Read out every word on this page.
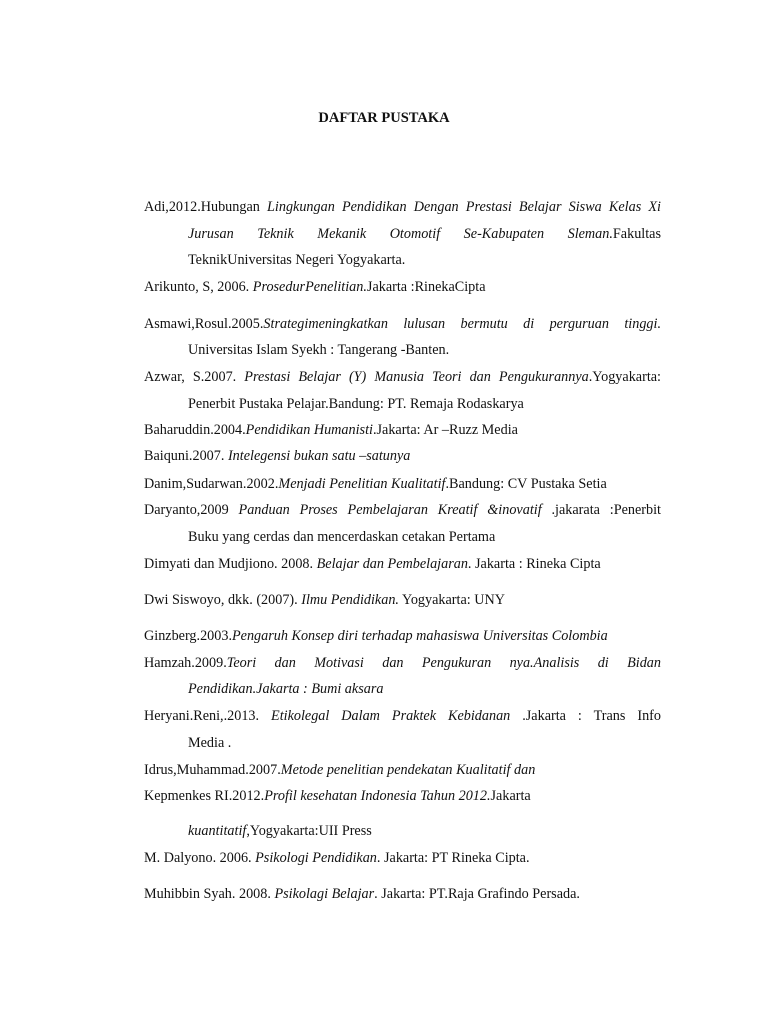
DAFTAR PUSTAKA
Adi,2012.Hubungan Lingkungan Pendidikan Dengan Prestasi Belajar Siswa Kelas Xi
Jurusan Teknik Mekanik Otomotif Se-Kabupaten Sleman.Fakultas
TeknikUniversitas Negeri Yogyakarta.
Arikunto, S, 2006. ProsedurPenelitian.Jakarta :RinekaCipta
Asmawi,Rosul.2005.Strategimeningkatkan lulusan bermutu di perguruan tinggi.
Universitas Islam Syekh : Tangerang -Banten.
Azwar, S.2007. Prestasi Belajar (Y) Manusia Teori dan Pengukurannya.Yogyakarta:
Penerbit Pustaka Pelajar.Bandung: PT. Remaja Rodaskarya
Baharuddin.2004.Pendidikan Humanisti.Jakarta: Ar –Ruzz Media
Baiquni.2007. Intelegensi bukan satu –satunya
Danim,Sudarwan.2002.Menjadi Penelitian Kualitatif.Bandung: CV Pustaka Setia
Daryanto,2009 Panduan Proses Pembelajaran Kreatif &inovatif .jakarata :Penerbit
Buku yang cerdas dan mencerdaskan cetakan Pertama
Dimyati dan Mudjiono. 2008. Belajar dan Pembelajaran. Jakarta : Rineka Cipta
Dwi Siswoyo, dkk. (2007). Ilmu Pendidikan. Yogyakarta: UNY
Ginzberg.2003.Pengaruh Konsep diri terhadap mahasiswa Universitas Colombia
Hamzah.2009.Teori dan Motivasi dan Pengukuran nya.Analisis di Bidan
Pendidikan.Jakarta : Bumi aksara
Heryani.Reni,.2013. Etikolegal Dalam Praktek Kebidanan .Jakarta : Trans Info
Media .
Idrus,Muhammad.2007.Metode penelitian pendekatan Kualitatif dan
Kepmenkes RI.2012.Profil kesehatan Indonesia Tahun 2012.Jakarta
kuantitatif,Yogyakarta:UII Press
M. Dalyono. 2006. Psikologi Pendidikan. Jakarta: PT Rineka Cipta.
Muhibbin Syah. 2008. Psikolagi Belajar. Jakarta: PT.Raja Grafindo Persada.
